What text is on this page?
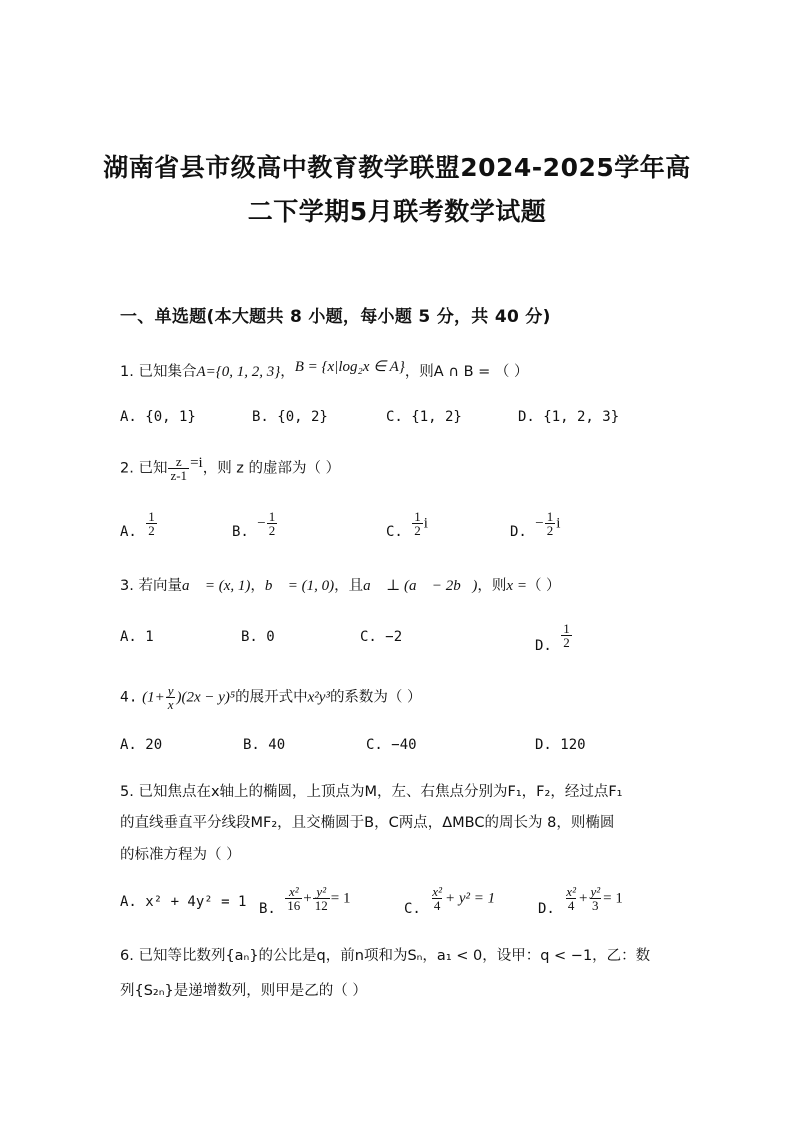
湖南省县市级高中教育教学联盟2024-2025学年高
二下学期5月联考数学试题
一、单选题(本大题共 8 小题，每小题 5 分，共 40 分)
1. 已知集合A={0, 1, 2, 3}，B = {x|log₂x ∈ A}，则A ∩ B = （ ）
A. {0, 1}	B. {0, 2}	C. {1, 2}	D. {1, 2, 3}
2. 已知 $\frac{z}{z-1} =i$，则 z 的虚部为（ ）
A. $\frac{1}{2}$	B. − $\frac{1}{2}$	C. $\frac{1}{2}$ i	D. − $\frac{1}{2}$ i
3. 若向量a⃗ = (x, 1)，b⃗ = (1, 0)，且a⃗ ⊥ (a⃗ − 2b⃗)，则x =（ ）
A. 1	B. 0	C. −2
D. $\frac{1}{2}$
4. $(1+ \frac{y}{x} )(2x - y)^5$的展开式中x²y³的系数为（ ）
A. 20	B. 40	C. −40	D. 120
5. 已知焦点在x轴上的椭圆，上顶点为M，左、右焦点分别为F₁，F₂，经过点F₁
的直线垂直平分线段MF₂，且交椭圆于B，C两点，ΔMBC的周长为 8，则椭圆
的标准方程为（ ）
A. x² + 4y² = 1 B. $\frac{\text{x²}}{16} + \frac{\text{y²}}{12} = 1$
C. $\frac{\text{x²}}{4} + y^2 = 1$
D. $\frac{\text{x²}}{4} + \frac{\text{y²}}{3} = 1$
6. 已知等比数列{aₙ}的公比是q，前n项和为Sₙ，a₁ < 0，设甲：q < −1，乙：数
列{S₂ₙ}是递增数列，则甲是乙的（ ）
